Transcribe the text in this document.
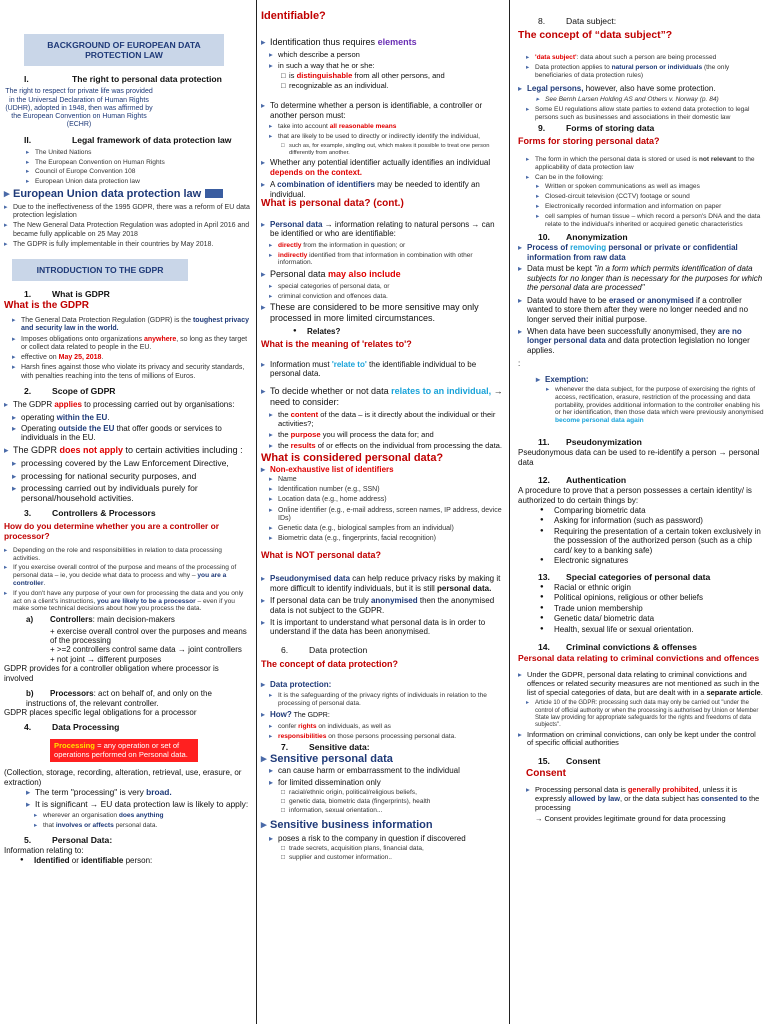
BACKGROUND OF EUROPEAN DATA PROTECTION LAW
I.	The right to personal data protection
The right to respect for private life was provided in the Universal Declaration of Human Rights (UDHR), adopted in 1948, then was affirmed by the European Convention on Human Rights (ECHR)
II.	Legal framework of data protection law
▸ The United Nations
▸ The European Convention on Human Rights
▸ Council of Europe Convention 108
▸ European Union data protection law
▸ European Union data protection law
▸ Due to the ineffectiveness of the 1995 GDPR, there was a reform of EU data protection legislation
▸ The New General Data Protection Regulation was adopted in April 2016 and became fully applicable on 25 May 2018
▸ The GDPR is fully implementable in their countries by May 2018.
INTRODUCTION TO THE GDPR
1. What is GDPR
What is the GDPR
▸ The General Data Protection Regulation (GDPR) is the toughest privacy and security law in the world.
▸ Imposes obligations onto organizations anywhere, so long as they target or collect data related to people in the EU.
▸ effective on May 25, 2018.
▸ Harsh fines against those who violate its privacy and security standards, with penalties reaching into the tens of millions of Euros.
2. Scope of GDPR
▸ The GDPR applies to processing carried out by organisations:
▸ operating within the EU.
▸ Operating outside the EU that offer goods or services to individuals in the EU.
▸ The GDPR does not apply to certain activities including :
▸ processing covered by the Law Enforcement Directive,
▸ processing for national security purposes, and
▸ processing carried out by individuals purely for personal/household activities.
3. Controllers & Processors
How do you determine whether you are a controller or processor?
▸ Depending on the role and responsibilities in relation to data processing activities.
▸ If you exercise overall control of the purpose and means of the processing of personal data – ie, you decide what data to process and why – you are a controller.
▸ If you don't have any purpose of your own for processing the data and you only act on a client's instructions, you are likely to be a processor – even if you make some technical decisions about how you process the data.
a) Controllers: main decision-makers
+ exercise overall control over the purposes and means of the processing
+ >=2 controllers control same data → joint controllers
+ not joint → different purposes
GDPR provides for a controller obligation where processor is involved
b) Processors: act on behalf of, and only on the instructions of, the relevant controller.
GDPR places specific legal obligations for a processor
4. Data Processing
Processing = any operation or set of operations performed on Personal data.
(Collection, storage, recording, alteration, retrieval, use, erasure, or extraction)
▸ The term "processing" is very broad.
▸ It is significant → EU data protection law is likely to apply:
▸ wherever an organisation does anything
▸ that involves or affects personal data.
5. Personal Data:
Information relating to:
● Identified or identifiable person:
Identifiable?
▸ Identification thus requires elements
▸ which describe a person
▸ in such a way that he or she:
□ is distinguishable from all other persons, and
□ recognizable as an individual.
▸ To determine whether a person is identifiable, a controller or another person must:
▸ take into account all reasonable means
▸ that are likely to be used to directly or indirectly identify the individual,
□ such as, for example, singling out, which makes it possible to treat one person differently from another.
▸ Whether any potential identifier actually identifies an individual depends on the context.
▸ A combination of identifiers may be needed to identify an individual.
What is personal data? (cont.)
▸ Personal data → information relating to natural persons → can be identified or who are identifiable:
▸ directly from the information in question; or
▸ indirectly identified from that information in combination with other information.
▸ Personal data may also include
▸ special categories of personal data, or
▸ criminal conviction and offences data.
▸ These are considered to be more sensitive may only processed in more limited circumstances.
● Relates?
What is the meaning of 'relates to'?
▸ Information must 'relate to' the identifiable individual to be personal data.
▸ To decide whether or not data relates to an individual, → need to consider:
▸ the content of the data – is it directly about the individual or their activities?;
▸ the purpose you will process the data for; and
▸ the results of or effects on the individual from processing the data.
What is considered personal data?
▸ Non-exhaustive list of identifiers
▸ Name
▸ Identification number (e.g., SSN)
▸ Location data (e.g., home address)
▸ Online identifier (e.g., e-mail address, screen names, IP address, device IDs)
▸ Genetic data (e.g., biological samples from an individual)
▸ Biometric data (e.g., fingerprints, facial recognition)
What is NOT personal data?
▸ Pseudonymised data can help reduce privacy risks by making it more difficult to identify individuals, but it is still personal data.
▸ If personal data can be truly anonymised then the anonymised data is not subject to the GDPR.
▸ It is important to understand what personal data is in order to understand if the data has been anonymised.
6. Data protection
The concept of data protection?
▸ Data protection:
▸ It is the safeguarding of the privacy rights of individuals in relation to the processing of personal data.
▸ How? The GDPR:
▸ confer rights on individuals, as well as
▸ responsibilities on those persons processing personal data.
7. Sensitive data:
▸ Sensitive personal data
▸ can cause harm or embarrassment to the individual
▸ for limited dissemination only
□ racial/ethnic origin, political/religious beliefs,
□ genetic data, biometric data (fingerprints), health
□ information, sexual orientation...
▸ Sensitive business information
▸ poses a risk to the company in question if discovered
□ trade secrets, acquisition plans, financial data,
□ supplier and customer information..
8. Data subject:
The concept of “data subject”?
▸ 'data subject': data about such a person are being processed
▸ Data protection applies to natural person or individuals (the only beneficiaries of data protection rules)
▸ Legal persons, however, also have some protection.
▸ See Bernh Larsen Holding AS and Others v. Norway (p. 84)
▸ Some EU regulations allow state parties to extend data protection to legal persons such as businesses and associations in their domestic law
9. Forms of storing data
Forms for storing personal data?
▸ The form in which the personal data is stored or used is not relevant to the applicability of data protection law
▸ Can be in the following:
▸ Written or spoken communications as well as images
▸ Closed-circuit television (CCTV) footage or sound
▸ Electronically recorded information and information on paper
▸ cell samples of human tissue – which record a person's DNA and the data relate to the individual's inherited or acquired genetic characteristics
10. Anonymization
▸ Process of removing personal or private or confidential information from raw data
▸ Data must be kept "in a form which permits identification of data subjects for no longer than is necessary for the purposes for which the personal data are processed"
▸ Data would have to be erased or anonymised if a controller wanted to store them after they were no longer needed and no longer served their initial purpose.
▸ When data have been successfully anonymised, they are no longer personal data and data protection legislation no longer applies.
:
▸ Exemption:
▸ whenever the data subject, for the purpose of exercising the rights of access, rectification, erasure, restriction of the processing and data portability, provides additional information to the controller enabling his or her identification, then those data which were previously anonymised become personal data again
11. Pseudonymization
Pseudonymous data can be used to re-identify a person → personal data
12. Authentication
A procedure to prove that a person possesses a certain identity/ is authorized to do certain things by:
● Comparing biometric data
● Asking for information (such as password)
● Requiring the presentation of a certain token exclusively in the possession of the authorized person (such as a chip card/ key to a banking safe)
● Electronic signatures
13. Special categories of personal data
● Racial or ethnic origin
● Political opinions, religious or other beliefs
● Trade union membership
● Genetic data/ biometric data
● Health, sexual life or sexual orientation.
14. Criminal convictions & offenses
Personal data relating to criminal convictions and offences
▸ Under the GDPR, personal data relating to criminal convictions and offences or related security measures are not mentioned as such in the list of special categories of data, but are dealt with in a separate article.
▸ Article 10 of the GDPR: processing such data may only be carried out "under the control of official authority or when the processing is authorised by Union or Member State law providing for appropriate safeguards for the rights and freedoms of data subjects".
▸ Information on criminal convictions, can only be kept under the control of specific official authorities
15. Consent
Consent
▸ Processing personal data is generally prohibited, unless it is expressly allowed by law, or the data subject has consented to the processing
→ Consent provides legitimate ground for data processing
